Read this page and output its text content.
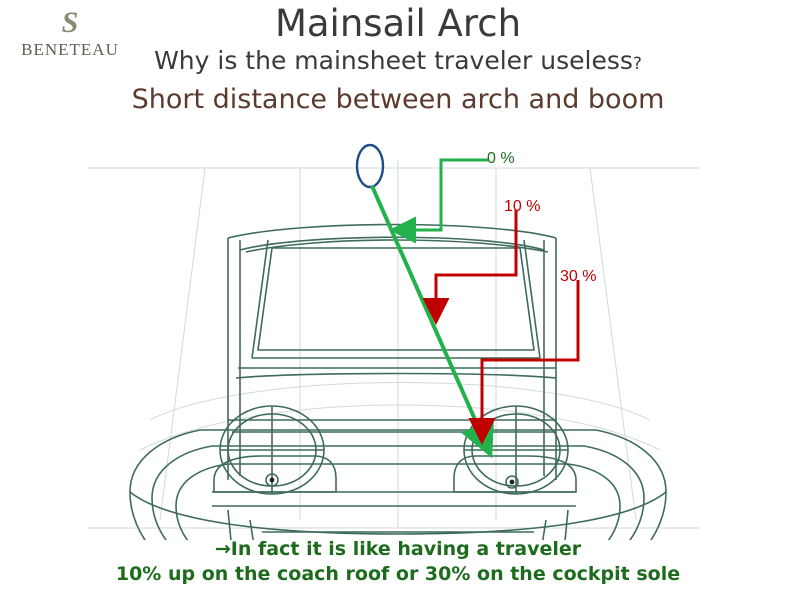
S
BENETEAU
Mainsail Arch
Why is the mainsheet traveler useless?
Short distance between arch and boom
0 %
10 %
30 %
→In fact it is like having a traveler
10% up on the coach roof or 30% on the cockpit sole
